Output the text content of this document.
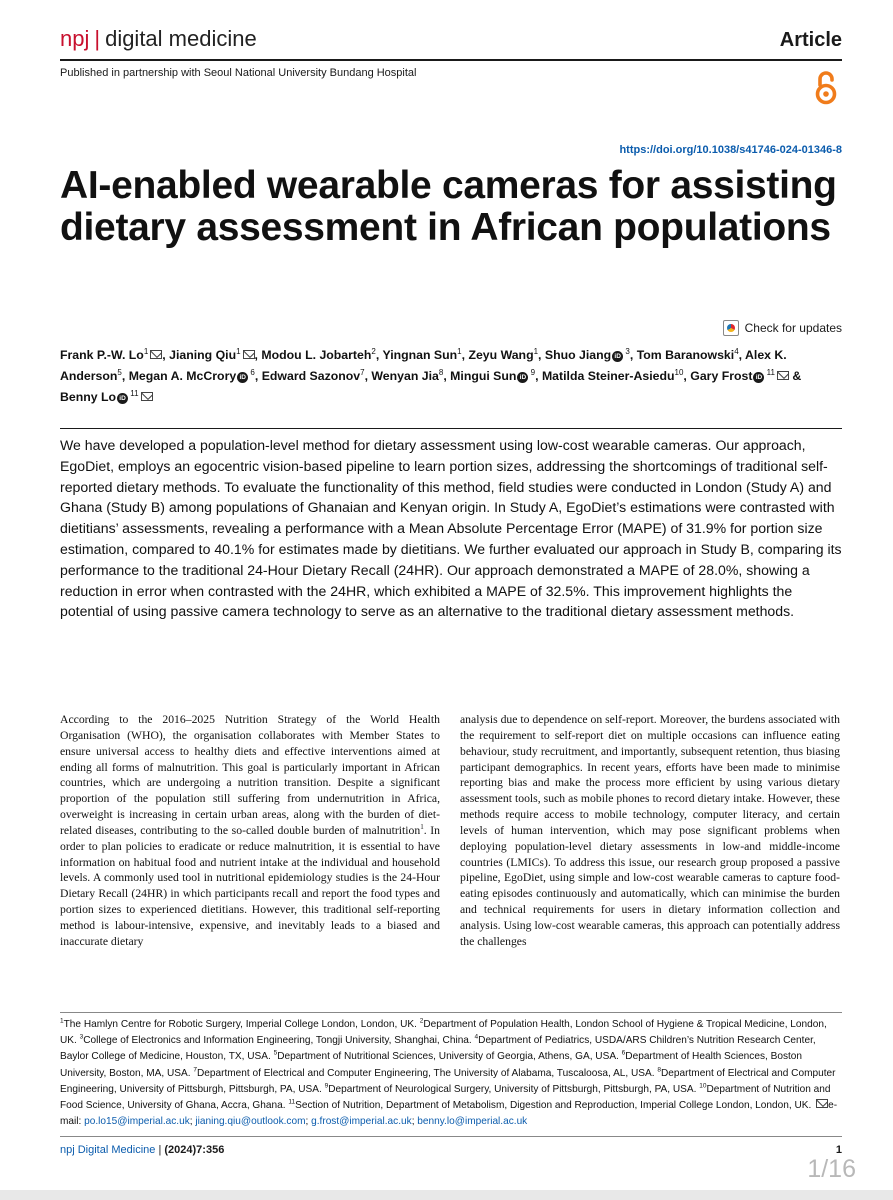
npj | digital medicine	Article
Published in partnership with Seoul National University Bundang Hospital
https://doi.org/10.1038/s41746-024-01346-8
AI-enabled wearable cameras for assisting dietary assessment in African populations
Check for updates
Frank P.-W. Lo$^1$ , Jianing Qiu$^1$ , Modou L. Jobarteh$^2$, Yingnan Sun$^1$, Zeyu Wang$^1$, Shuo Jiang iD $^3$, Tom Baranowski$^4$, Alex K. Anderson$^5$, Megan A. McCrory iD $^6$, Edward Sazonov$^7$, Wenyan Jia$^8$, Mingui Sun iD $^9$, Matilda Steiner-Asiedu$^{10}$, Gary Frost iD $^{11}$ & Benny Lo iD $^{11}$

We have developed a population-level method for dietary assessment using low-cost wearable cameras. Our approach, EgoDiet, employs an egocentric vision-based pipeline to learn portion sizes, addressing the shortcomings of traditional self-reported dietary methods. To evaluate the functionality of this method, field studies were conducted in London (Study A) and Ghana (Study B) among populations of Ghanaian and Kenyan origin. In Study A, EgoDiet’s estimations were contrasted with dietitians’ assessments, revealing a performance with a Mean Absolute Percentage Error (MAPE) of 31.9% for portion size estimation, compared to 40.1% for estimates made by dietitians. We further evaluated our approach in Study B, comparing its performance to the traditional 24-Hour Dietary Recall (24HR). Our approach demonstrated a MAPE of 28.0%, showing a reduction in error when contrasted with the 24HR, which exhibited a MAPE of 32.5%. This improvement highlights the potential of using passive camera technology to serve as an alternative to the traditional dietary assessment methods.

According to the 2016–2025 Nutrition Strategy of the World Health Organisation (WHO), the organisation collaborates with Member States to ensure universal access to healthy diets and effective interventions aimed at ending all forms of malnutrition. This goal is particularly important in African countries, which are undergoing a nutrition transition. Despite a significant proportion of the population still suffering from undernutrition in Africa, overweight is increasing in certain urban areas, along with the burden of diet-related diseases, contributing to the so-called double burden of malnutrition$^1$. In order to plan policies to eradicate or reduce malnutrition, it is essential to have information on habitual food and nutrient intake at the individual and household levels. A commonly used tool in nutritional epidemiology studies is the 24-Hour Dietary Recall (24HR) in which participants recall and report the food types and portion sizes to experienced dietitians. However, this traditional self-reporting method is labour-intensive, expensive, and inevitably leads to a biased and inaccurate dietary
analysis due to dependence on self-report. Moreover, the burdens associated with the requirement to self-report diet on multiple occasions can influence eating behaviour, study recruitment, and importantly, subsequent retention, thus biasing participant demographics. In recent years, efforts have been made to minimise reporting bias and make the process more efficient by using various dietary assessment tools, such as mobile phones to record dietary intake. However, these methods require access to mobile technology, computer literacy, and certain levels of human intervention, which may pose significant problems when deploying population-level dietary assessments in low-and middle-income countries (LMICs). To address this issue, our research group proposed a passive pipeline, EgoDiet, using simple and low-cost wearable cameras to capture food-eating episodes continuously and automatically, which can minimise the burden and technical requirements for users in dietary information collection and analysis. Using low-cost wearable cameras, this approach can potentially address the challenges
$^1$The Hamlyn Centre for Robotic Surgery, Imperial College London, London, UK. $^2$Department of Population Health, London School of Hygiene & Tropical Medicine, London, UK. $^3$College of Electronics and Information Engineering, Tongji University, Shanghai, China. $^4$Department of Pediatrics, USDA/ARS Children’s Nutrition Research Center, Baylor College of Medicine, Houston, TX, USA. $^5$Department of Nutritional Sciences, University of Georgia, Athens, GA, USA. $^6$Department of Health Sciences, Boston University, Boston, MA, USA. $^7$Department of Electrical and Computer Engineering, The University of Alabama, Tuscaloosa, AL, USA. $^8$Department of Electrical and Computer Engineering, University of Pittsburgh, Pittsburgh, PA, USA. $^9$Department of Neurological Surgery, University of Pittsburgh, Pittsburgh, PA, USA. $^{10}$Department of Nutrition and Food Science, University of Ghana, Accra, Ghana. $^{11}$Section of Nutrition, Department of Metabolism, Digestion and Reproduction, Imperial College London, London, UK. e-mail: po.lo15@imperial.ac.uk; jianing.qiu@outlook.com; g.frost@imperial.ac.uk; benny.lo@imperial.ac.uk
npj Digital Medicine | (2024)7:356	1
1/16
